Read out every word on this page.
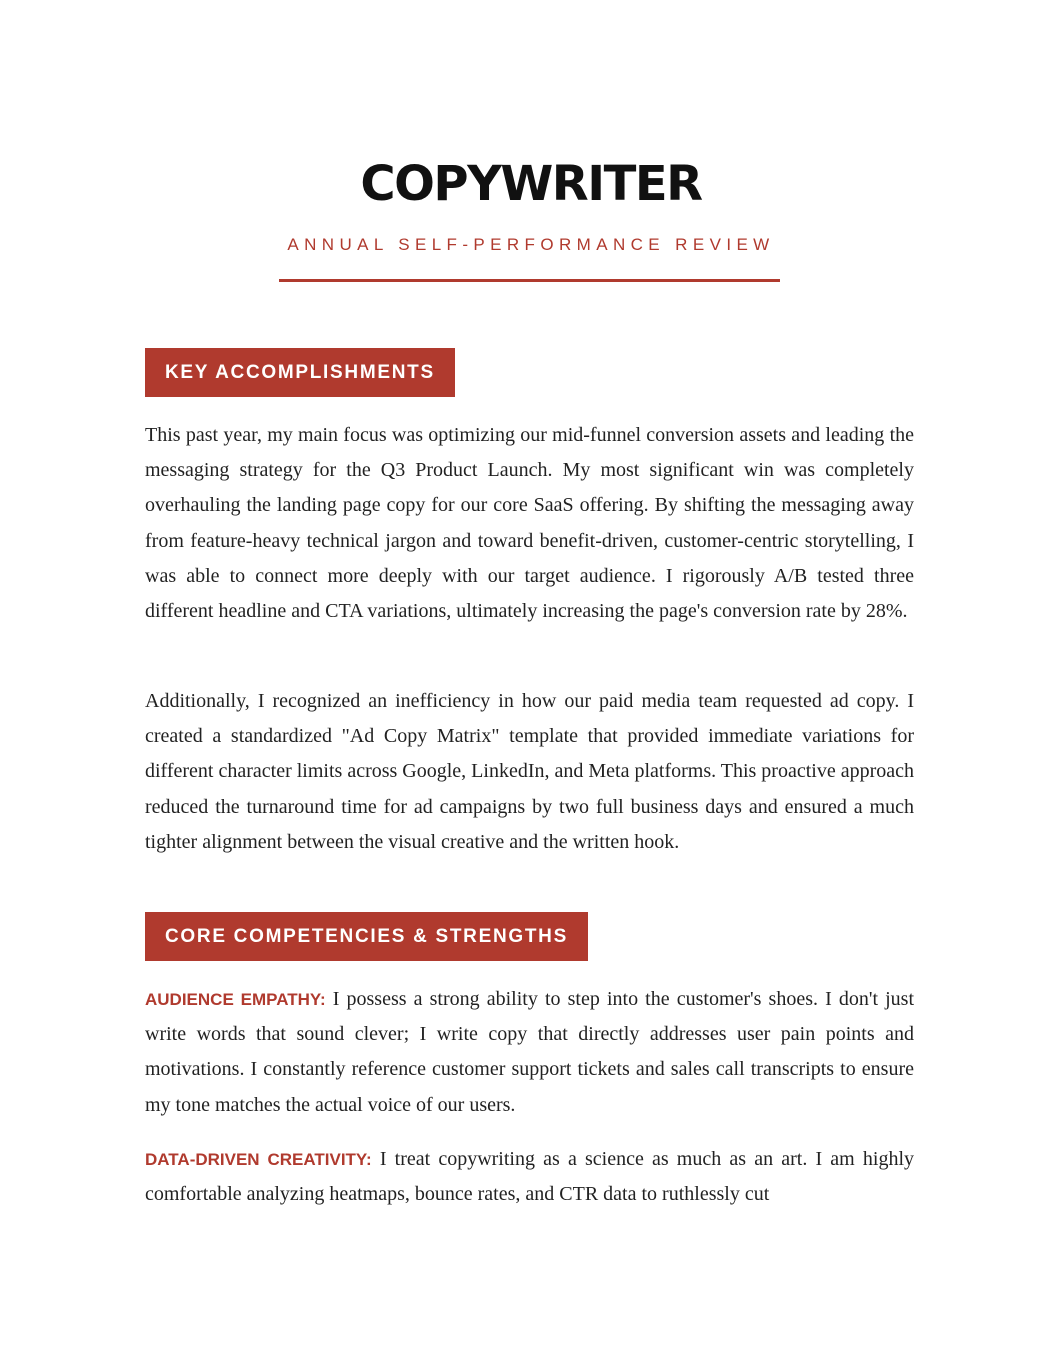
COPYWRITER
ANNUAL SELF-PERFORMANCE REVIEW
KEY ACCOMPLISHMENTS

This past year, my main focus was optimizing our mid-funnel conversion assets and leading the messaging strategy for the Q3 Product Launch. My most significant win was completely overhauling the landing page copy for our core SaaS offering. By shifting the messaging away from feature-heavy technical jargon and toward benefit-driven, customer-centric storytelling, I was able to connect more deeply with our target audience. I rigorously A/B tested three different headline and CTA variations, ultimately increasing the page's conversion rate by 28%.

Additionally, I recognized an inefficiency in how our paid media team requested ad copy. I created a standardized "Ad Copy Matrix" template that provided immediate variations for different character limits across Google, LinkedIn, and Meta platforms. This proactive approach reduced the turnaround time for ad campaigns by two full business days and ensured a much tighter alignment between the visual creative and the written hook.

CORE COMPETENCIES & STRENGTHS

AUDIENCE EMPATHY: I possess a strong ability to step into the customer's shoes. I don't just write words that sound clever; I write copy that directly addresses user pain points and motivations. I constantly reference customer support tickets and sales call transcripts to ensure my tone matches the actual voice of our users.

DATA-DRIVEN CREATIVITY: I treat copywriting as a science as much as an art. I am highly comfortable analyzing heatmaps, bounce rates, and CTR data to ruthlessly cut
